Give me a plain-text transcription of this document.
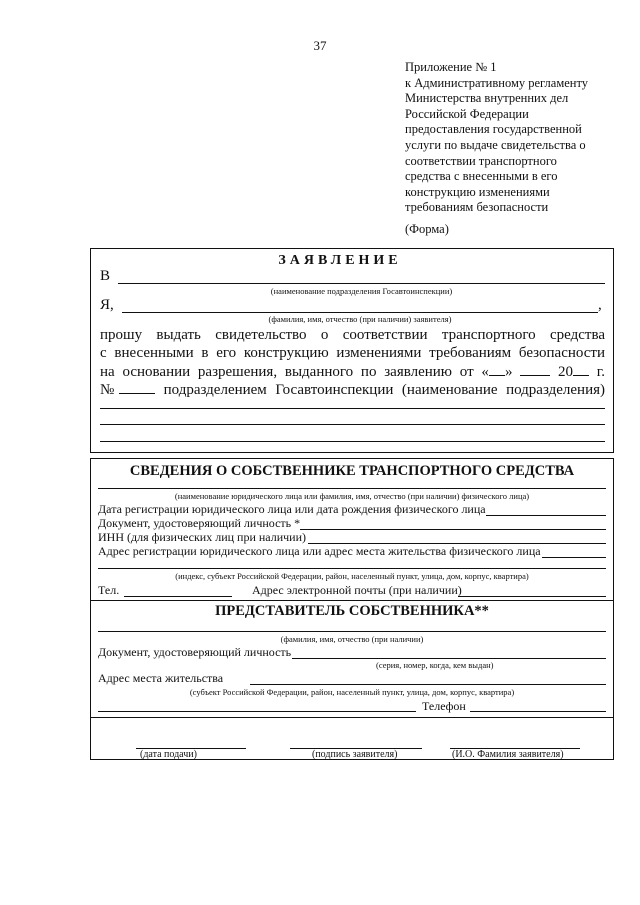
37
Приложение № 1
к Административному регламенту
Министерства внутренних дел
Российской Федерации
предоставления государственной
услуги по выдаче свидетельства о
соответствии транспортного
средства с внесенными в его
конструкцию изменениями
требованиям безопасности
(Форма)
ЗАЯВЛЕНИЕ
В
(наименование подразделения Госавтоинспекции)
Я,	,
(фамилия, имя, отчество (при наличии) заявителя)
прошу выдать свидетельство о соответствии транспортного средства
с внесенными в его конструкцию изменениями требованиям безопасности
на основании разрешения, выданного по заявлению от « »	20 г.
№	подразделением Госавтоинспекции (наименование подразделения)
СВЕДЕНИЯ О СОБСТВЕННИКЕ ТРАНСПОРТНОГО СРЕДСТВА
(наименование юридического лица или фамилия, имя, отчество (при наличии) физического лица)
Дата регистрации юридического лица или дата рождения физического лица
Документ, удостоверяющий личность *
ИНН (для физических лиц при наличии)
Адрес регистрации юридического лица или адрес места жительства физического лица
(индекс, субъект Российской Федерации, район, населенный пункт, улица, дом, корпус, квартира)
Тел.	Адрес электронной почты (при наличии)
ПРЕДСТАВИТЕЛЬ СОБСТВЕННИКА**
(фамилия, имя, отчество (при наличии)
Документ, удостоверяющий личность
(серия, номер, когда, кем выдан)
Адрес места жительства
(субъект Российской Федерации, район, населенный пункт, улица, дом, корпус, квартира)
Телефон
(дата подачи)	(подпись заявителя)	(И.О. Фамилия заявителя)
